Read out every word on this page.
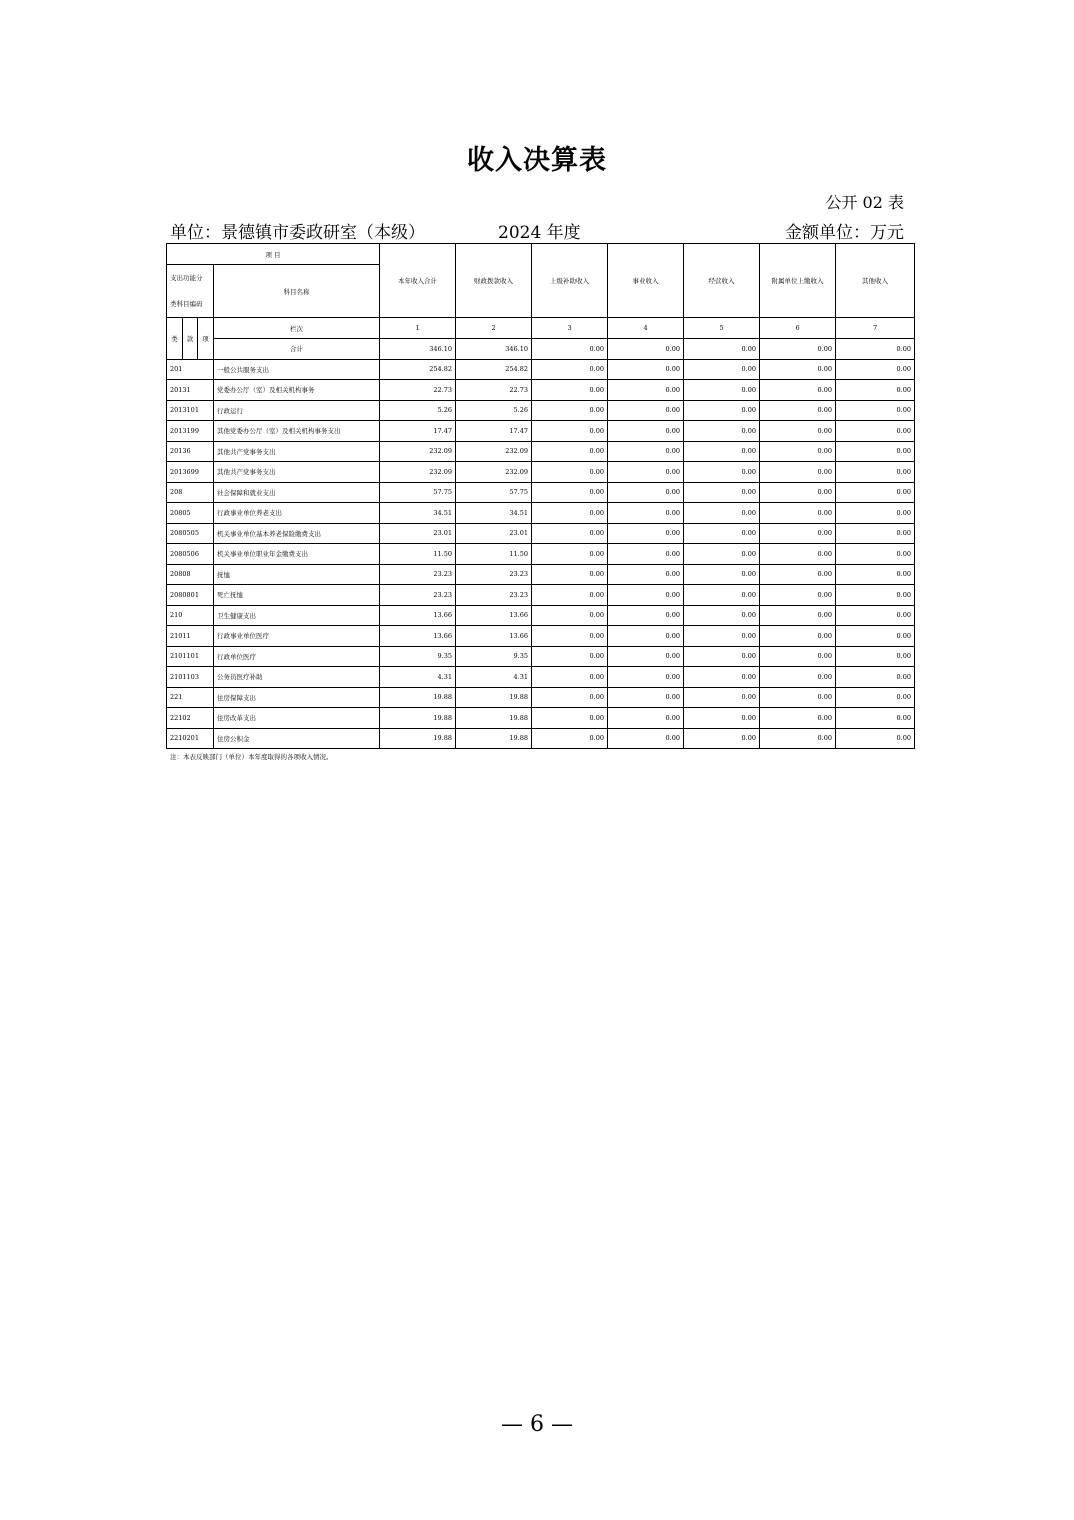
收入决算表
公开 02 表
单位：景德镇市委政研室（本级）	2024 年度	金额单位：万元
项 目				本年收入合计	财政拨款收入	上级补助收入	事业收入	经营收入	附属单位上缴收入	其他收入

支出功能分
类科目编码			科目名称							

类	款	项	栏次	1	2	3	4	5	6	7
			合计	346.10	346.10	0.00	0.00	0.00	0.00	0.00
201			一般公共服务支出	254.82	254.82	0.00	0.00	0.00	0.00	0.00
20131			党委办公厅（室）及相关机构事务	22.73	22.73	0.00	0.00	0.00	0.00	0.00
2013101			行政运行	5.26	5.26	0.00	0.00	0.00	0.00	0.00
2013199			其他党委办公厅（室）及相关机构事务支出	17.47	17.47	0.00	0.00	0.00	0.00	0.00
20136			其他共产党事务支出	232.09	232.09	0.00	0.00	0.00	0.00	0.00
2013699			其他共产党事务支出	232.09	232.09	0.00	0.00	0.00	0.00	0.00
208			社会保障和就业支出	57.75	57.75	0.00	0.00	0.00	0.00	0.00
20805			行政事业单位养老支出	34.51	34.51	0.00	0.00	0.00	0.00	0.00
2080505			机关事业单位基本养老保险缴费支出	23.01	23.01	0.00	0.00	0.00	0.00	0.00
2080506			机关事业单位职业年金缴费支出	11.50	11.50	0.00	0.00	0.00	0.00	0.00
20808			抚恤	23.23	23.23	0.00	0.00	0.00	0.00	0.00
2080801			死亡抚恤	23.23	23.23	0.00	0.00	0.00	0.00	0.00
210			卫生健康支出	13.66	13.66	0.00	0.00	0.00	0.00	0.00
21011			行政事业单位医疗	13.66	13.66	0.00	0.00	0.00	0.00	0.00
2101101			行政单位医疗	9.35	9.35	0.00	0.00	0.00	0.00	0.00
2101103			公务员医疗补助	4.31	4.31	0.00	0.00	0.00	0.00	0.00
221			住房保障支出	19.88	19.88	0.00	0.00	0.00	0.00	0.00
22102			住房改革支出	19.88	19.88	0.00	0.00	0.00	0.00	0.00
2210201			住房公积金	19.88	19.88	0.00	0.00	0.00	0.00	0.00
注：本表反映部门（单位）本年度取得的各项收入情况。
— 6 —
